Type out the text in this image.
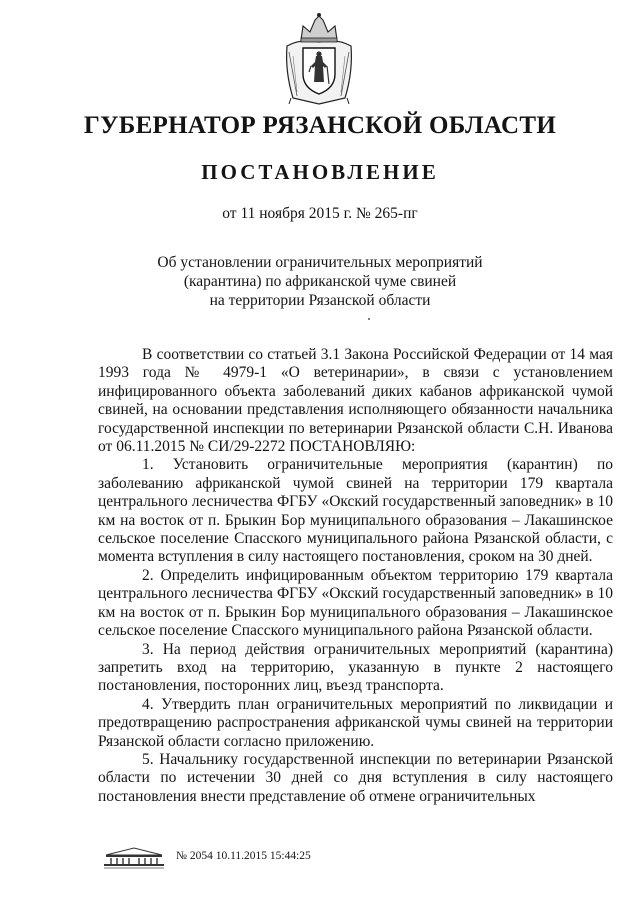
ГУБЕРНАТОР РЯЗАНСКОЙ ОБЛАСТИ
ПОСТАНОВЛЕНИЕ
от 11 ноября 2015 г. № 265-пг
Об установлении ограничительных мероприятий
(карантина) по африканской чуме свиней
на территории Рязанской области

В соответствии со статьей 3.1 Закона Российской Федерации от 14 мая 1993 года № 4979-1 «О ветеринарии», в связи с установлением инфицированного объекта заболеваний диких кабанов африканской чумой свиней, на основании представления исполняющего обязанности начальника государственной инспекции по ветеринарии Рязанской области С.Н. Иванова от 06.11.2015 № СИ/29-2272 ПОСТАНОВЛЯЮ:

1. Установить ограничительные мероприятия (карантин) по заболеванию африканской чумой свиней на территории 179 квартала центрального лесничества ФГБУ «Окский государственный заповедник» в 10 км на восток от п. Брыкин Бор муниципального образования – Лакашинское сельское поселение Спасского муниципального района Рязанской области, с момента вступления в силу настоящего постановления, сроком на 30 дней.

2. Определить инфицированным объектом территорию 179 квартала центрального лесничества ФГБУ «Окский государственный заповедник» в 10 км на восток от п. Брыкин Бор муниципального образования – Лакашинское сельское поселение Спасского муниципального района Рязанской области.

3. На период действия ограничительных мероприятий (карантина) запретить вход на территорию, указанную в пункте 2 настоящего постановления, посторонних лиц, въезд транспорта.

4. Утвердить план ограничительных мероприятий по ликвидации и предотвращению распространения африканской чумы свиней на территории Рязанской области согласно приложению.

5. Начальнику государственной инспекции по ветеринарии Рязанской области по истечении 30 дней со дня вступления в силу настоящего постановления внести представление об отмене ограничительных

№ 2054 10.11.2015 15:44:25
